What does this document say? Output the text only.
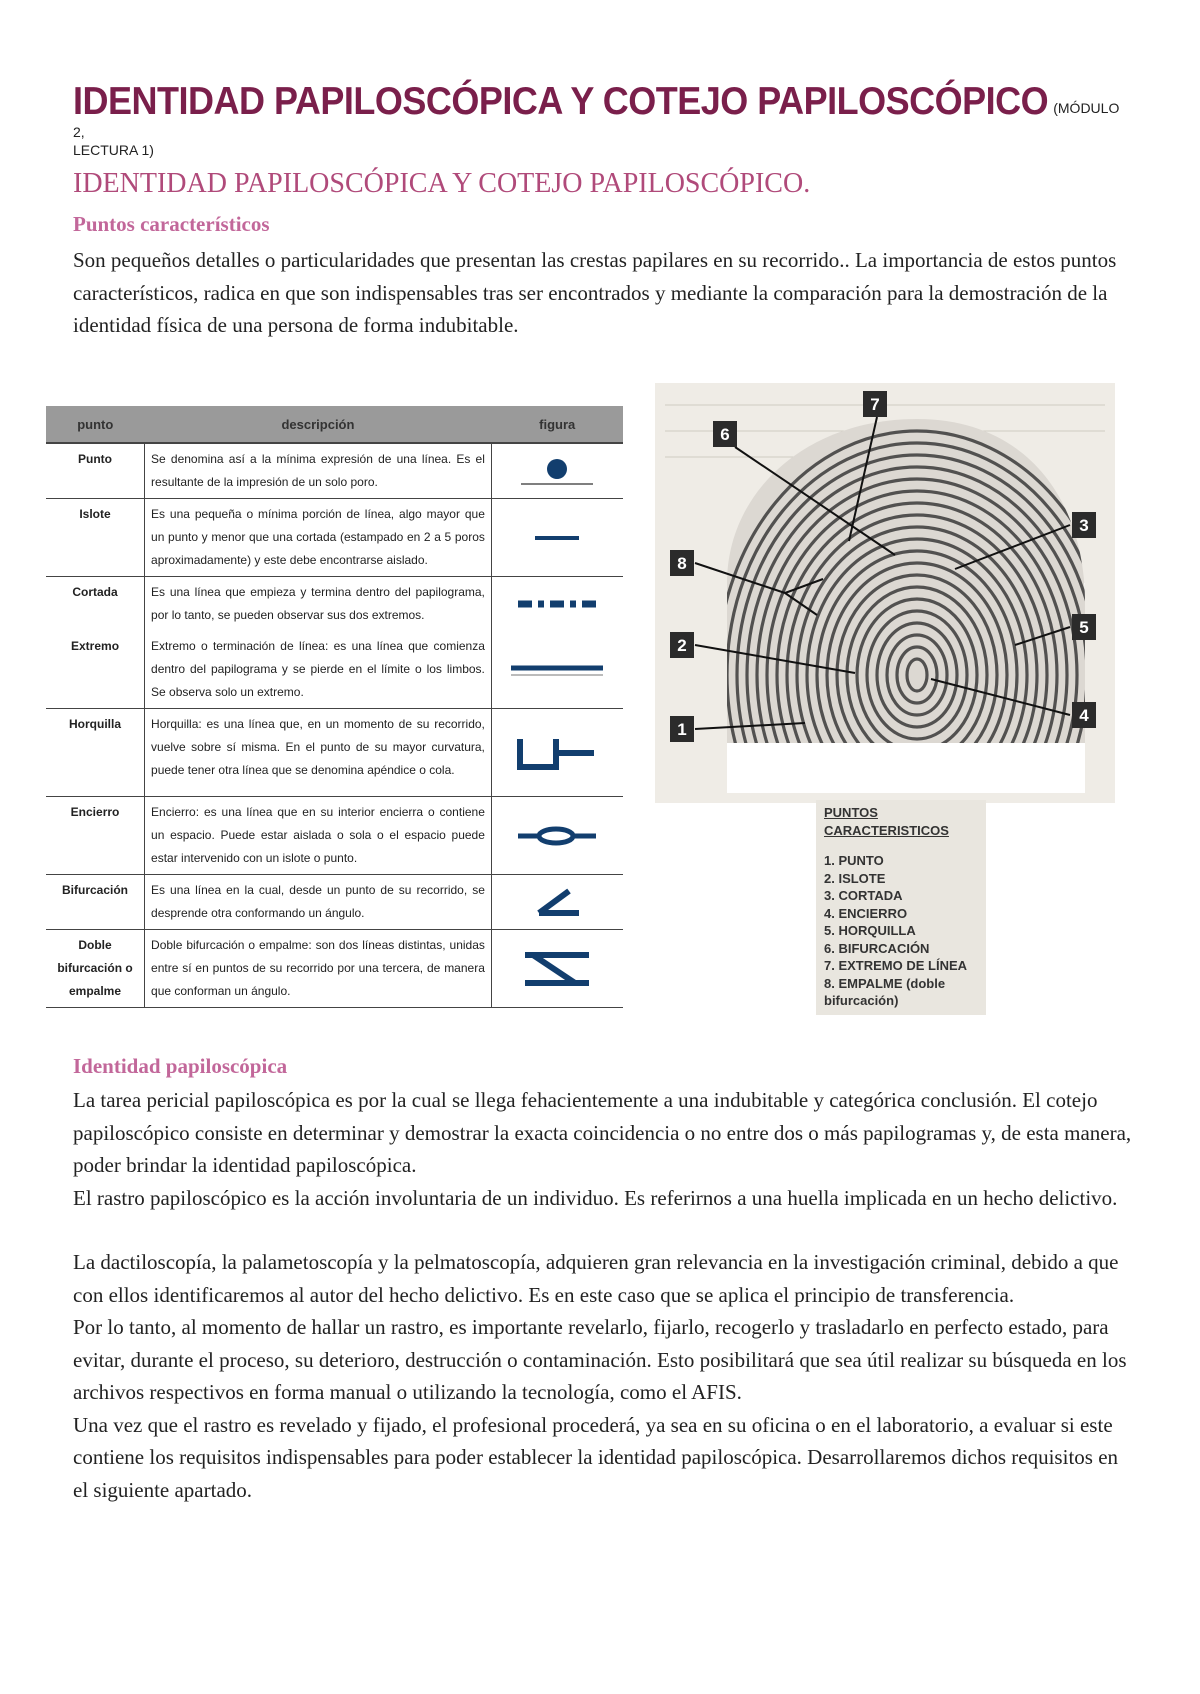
IDENTIDAD PAPILOSCÓPICA Y COTEJO PAPILOSCÓPICO (MÓDULO 2,
LECTURA 1)
IDENTIDAD PAPILOSCÓPICA Y COTEJO PAPILOSCÓPICO.
Puntos característicos

Son pequeños detalles o particularidades que presentan las crestas papilares en su recorrido.. La importancia de estos puntos característicos, radica en que son indispensables tras ser encontrados y mediante la comparación para la demostración de la identidad física de una persona de forma indubitable.

punto	descripción	figura
Punto	Se denomina así a la mínima expresión de una línea. Es el resultante de la impresión de un solo poro.	

Islote	Es una pequeña o mínima porción de línea, algo mayor que un punto y menor que una cortada (estampado en 2 a 5 poros aproximadamente) y este debe encontrarse aislado.	

Cortada	Es una línea que empieza y termina dentro del papilograma, por lo tanto, se pueden observar sus dos extremos.	

Extremo	Extremo o terminación de línea: es una línea que comienza dentro del papilograma y se pierde en el límite o los limbos. Se observa solo un extremo.	

Horquilla	Horquilla: es una línea que, en un momento de su recorrido, vuelve sobre sí misma. En el punto de su mayor curvatura, puede tener otra línea que se denomina apéndice o cola.	

Encierro	Encierro: es una línea que en su interior encierra o contiene un espacio. Puede estar aislada o sola o el espacio puede estar intervenido con un islote o punto.	

Bifurcación	Es una línea en la cual, desde un punto de su recorrido, se desprende otra conformando un ángulo.	

Doble bifurcación o empalme	Doble bifurcación o empalme: son dos líneas distintas, unidas entre sí en puntos de su recorrido por una tercera, de manera que conforman un ángulo.	
1
2
3
4
5
6
7
8
PUNTOS CARACTERISTICOS
1. PUNTO
2. ISLOTE
3. CORTADA
4. ENCIERRO
5. HORQUILLA
6. BIFURCACIÓN
7. EXTREMO DE LÍNEA
8. EMPALME (doble bifurcación)
Identidad papiloscópica

La tarea pericial papiloscópica es por la cual se llega fehacientemente a una indubitable y categórica conclusión. El cotejo papiloscópico consiste en determinar y demostrar la exacta coincidencia o no entre dos o más papilogramas y, de esta manera, poder brindar la identidad papiloscópica.

El rastro papiloscópico es la acción involuntaria de un individuo. Es referirnos a una huella implicada en un hecho delictivo.

La dactiloscopía, la palametoscopía y la pelmatoscopía, adquieren gran relevancia en la investigación criminal, debido a que con ellos identificaremos al autor del hecho delictivo. Es en este caso que se aplica el principio de transferencia.

Por lo tanto, al momento de hallar un rastro, es importante revelarlo, fijarlo, recogerlo y trasladarlo en perfecto estado, para evitar, durante el proceso, su deterioro, destrucción o contaminación. Esto posibilitará que sea útil realizar su búsqueda en los archivos respectivos en forma manual o utilizando la tecnología, como el AFIS.

Una vez que el rastro es revelado y fijado, el profesional procederá, ya sea en su oficina o en el laboratorio, a evaluar si este contiene los requisitos indispensables para poder establecer la identidad papiloscópica. Desarrollaremos dichos requisitos en el siguiente apartado.
